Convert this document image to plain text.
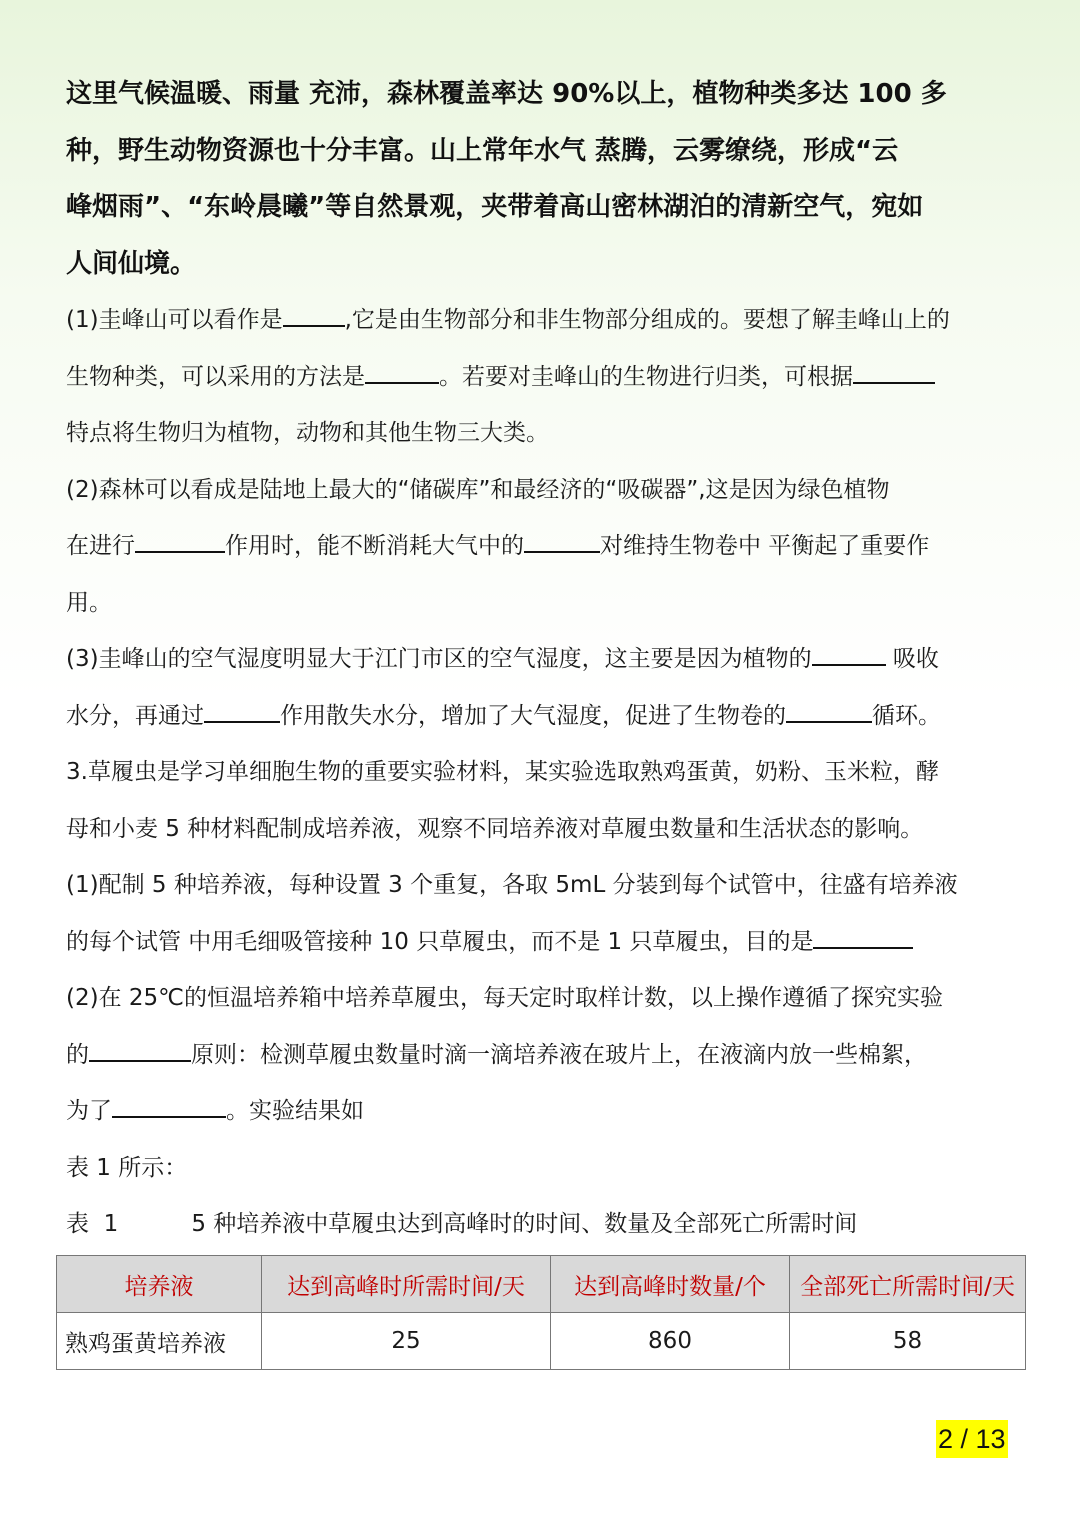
这里气候温暖、雨量 充沛，森林覆盖率达 90%以上，植物种类多达 100 多
种，野生动物资源也十分丰富。山上常年水气 蒸腾，云雾缭绕，形成“云
峰烟雨”、“东岭晨曦”等自然景观，夹带着高山密林湖泊的清新空气，宛如
人间仙境。
(1)圭峰山可以看作是	,它是由生物部分和非生物部分组成的。要想了解圭峰山上的
生物种类，可以采用的方法是	。若要对圭峰山的生物进行归类，可根据
特点将生物归为植物，动物和其他生物三大类。
(2)森林可以看成是陆地上最大的“储碳库”和最经济的“吸碳器”,这是因为绿色植物
在进行	作用时，能不断消耗大气中的	对维持生物卷中 平衡起了重要作
用。
(3)圭峰山的空气湿度明显大于江门市区的空气湿度，这主要是因为植物的	吸收
水分，再通过	作用散失水分，增加了大气湿度，促进了生物卷的	循环。
3.草履虫是学习单细胞生物的重要实验材料，某实验选取熟鸡蛋黄，奶粉、玉米粒，酵
母和小麦 5 种材料配制成培养液，观察不同培养液对草履虫数量和生活状态的影响。
(1)配制 5 种培养液，每种设置 3 个重复，各取 5mL 分装到每个试管中，往盛有培养液
的每个试管 中用毛细吸管接种 10 只草履虫，而不是 1 只草履虫，目的是
(2)在 25℃的恒温培养箱中培养草履虫，每天定时取样计数，以上操作遵循了探究实验
的	原则：检测草履虫数量时滴一滴培养液在玻片上，在液滴内放一些棉絮，
为了	。实验结果如
表 1 所示：

表  1          5 种培养液中草履虫达到高峰时的时间、数量及全部死亡所需时间

培养液	达到高峰时所需时间/天	达到高峰时数量/个	全部死亡所需时间/天
熟鸡蛋黄培养液	25	860	58
2 / 13
